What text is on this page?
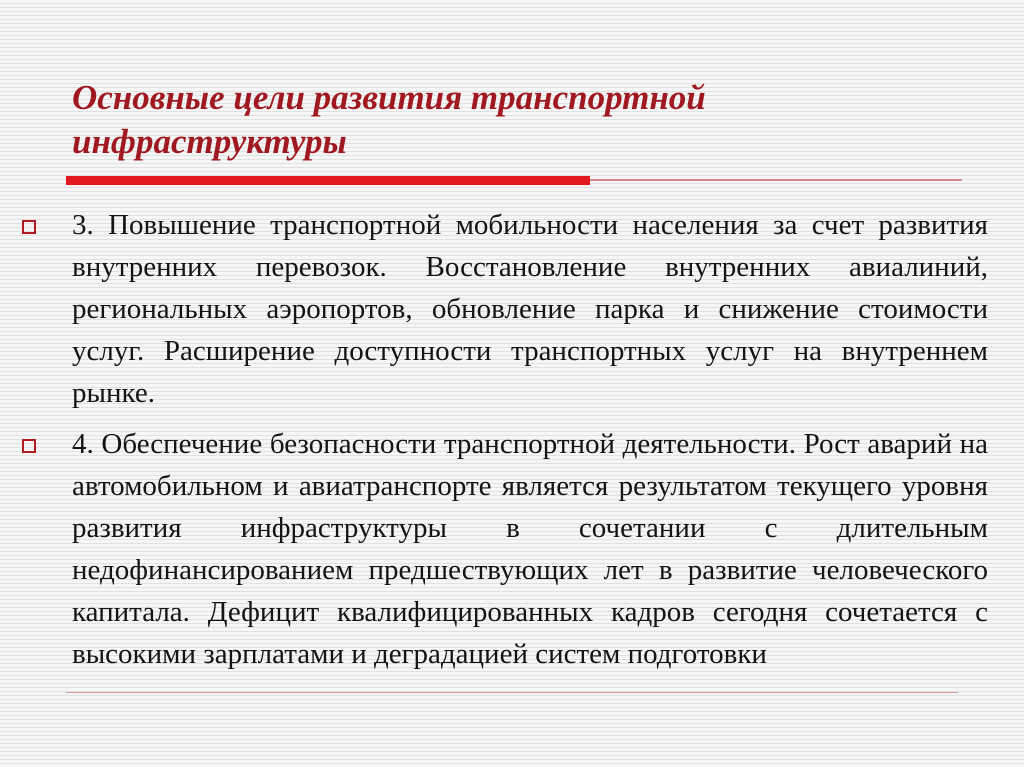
Основные цели развития транспортной инфраструктуры
3. Повышение транспортной мобильности населения за счет развития внутренних перевозок. Восстановление внутренних авиалиний, региональных аэропортов, обновление парка и снижение стоимости услуг. Расширение доступности транспортных услуг на внутреннем рынке.
4. Обеспечение безопасности транспортной деятельности. Рост аварий на автомобильном и авиатранспорте является результатом текущего уровня развития инфраструктуры в сочетании с длительным недофинансированием предшествующих лет в развитие человеческого капитала. Дефицит квалифицированных кадров сегодня сочетается с высокими зарплатами и деградацией систем подготовки
